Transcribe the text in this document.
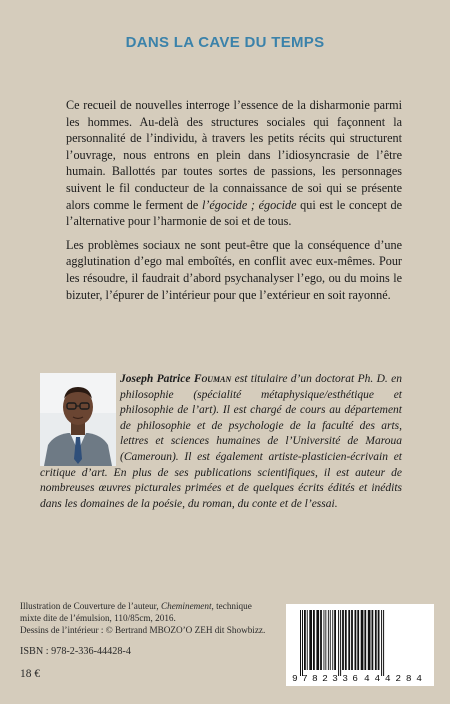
DANS LA CAVE DU TEMPS

Ce recueil de nouvelles interroge l’essence de la disharmonie parmi les hommes. Au-delà des structures sociales qui façonnent la personnalité de l’individu, à travers les petits récits qui structurent l’ouvrage, nous entrons en plein dans l’idiosyncrasie de l’être humain. Ballottés par toutes sortes de passions, les personnages suivent le fil conducteur de la connaissance de soi qui se présente alors comme le ferment de l’égocide ; égocide qui est le concept de l’alternative pour l’harmonie de soi et de tous.

Les problèmes sociaux ne sont peut-être que la conséquence d’une agglutination d’ego mal emboîtés, en conflit avec eux-mêmes. Pour les résoudre, il faudrait d’abord psychanalyser l’ego, ou du moins le bizuter, l’épurer de l’intérieur pour que l’extérieur en soit rayonné.

Joseph Patrice Fouman est titulaire d’un doctorat Ph. D. en philosophie (spécialité métaphysique/esthétique et philosophie de l’art). Il est chargé de cours au département de philosophie et de psychologie de la faculté des arts, lettres et sciences humaines de l’Université de Maroua (Cameroun). Il est également artiste-plasticien-écrivain et critique d’art. En plus de ses publications scientifiques, il est auteur de nombreuses œuvres picturales primées et de quelques écrits édités et inédits dans les domaines de la poésie, du roman, du conte et de l’essai.
Illustration de Couverture de l’auteur, Cheminement, technique
mixte dite de l’émulsion, 110/85cm, 2016.
Dessins de l’intérieur : © Bertrand MBOZO’O ZEH dit Showbizz.
ISBN : 978-2-336-44428-4
18 €	9 782336 444284
